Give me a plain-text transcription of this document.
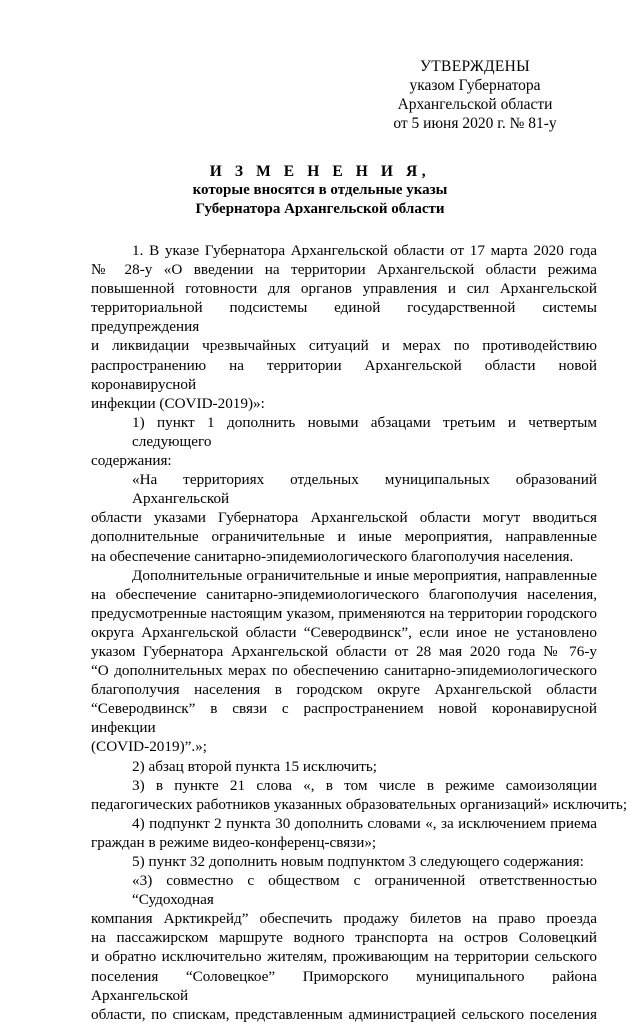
УТВЕРЖДЕНЫ
указом Губернатора
Архангельской области
от 5 июня 2020 г. № 81-у
И З М Е Н Е Н И Я,
которые вносятся в отдельные указы
Губернатора Архангельской области
1. В указе Губернатора Архангельской области от 17 марта 2020 года
№ 28-у «О введении на территории Архангельской области режима
повышенной готовности для органов управления и сил Архангельской
территориальной подсистемы единой государственной системы предупреждения
и ликвидации чрезвычайных ситуаций и мерах по противодействию
распространению на территории Архангельской области новой коронавирусной
инфекции (COVID-2019)»:
1) пункт 1 дополнить новыми абзацами третьим и четвертым следующего
содержания:
«На территориях отдельных муниципальных образований Архангельской
области указами Губернатора Архангельской области могут вводиться
дополнительные ограничительные и иные мероприятия, направленные
на обеспечение санитарно-эпидемиологического благополучия населения.
Дополнительные ограничительные и иные мероприятия, направленные
на обеспечение санитарно-эпидемиологического благополучия населения,
предусмотренные настоящим указом, применяются на территории городского
округа Архангельской области “Северодвинск”, если иное не установлено
указом Губернатора Архангельской области от 28 мая 2020 года № 76-у
“О дополнительных мерах по обеспечению санитарно-эпидемиологического
благополучия населения в городском округе Архангельской области
“Северодвинск” в связи с распространением новой коронавирусной инфекции
(COVID-2019)”.»;
2) абзац второй пункта 15 исключить;
3) в пункте 21 слова «, в том числе в режиме самоизоляции
педагогических работников указанных образовательных организаций» исключить;
4) подпункт 2 пункта 30 дополнить словами «, за исключением приема
граждан в режиме видео-конференц-связи»;
5) пункт 32 дополнить новым подпунктом 3 следующего содержания:
«3) совместно с обществом с ограниченной ответственностью “Судоходная
компания Арктикрейд” обеспечить продажу билетов на право проезда
на пассажирском маршруте водного транспорта на остров Соловецкий
и обратно исключительно жителям, проживающим на территории сельского
поселения “Соловецкое” Приморского муниципального района Архангельской
области, по спискам, представленным администрацией сельского поселения
